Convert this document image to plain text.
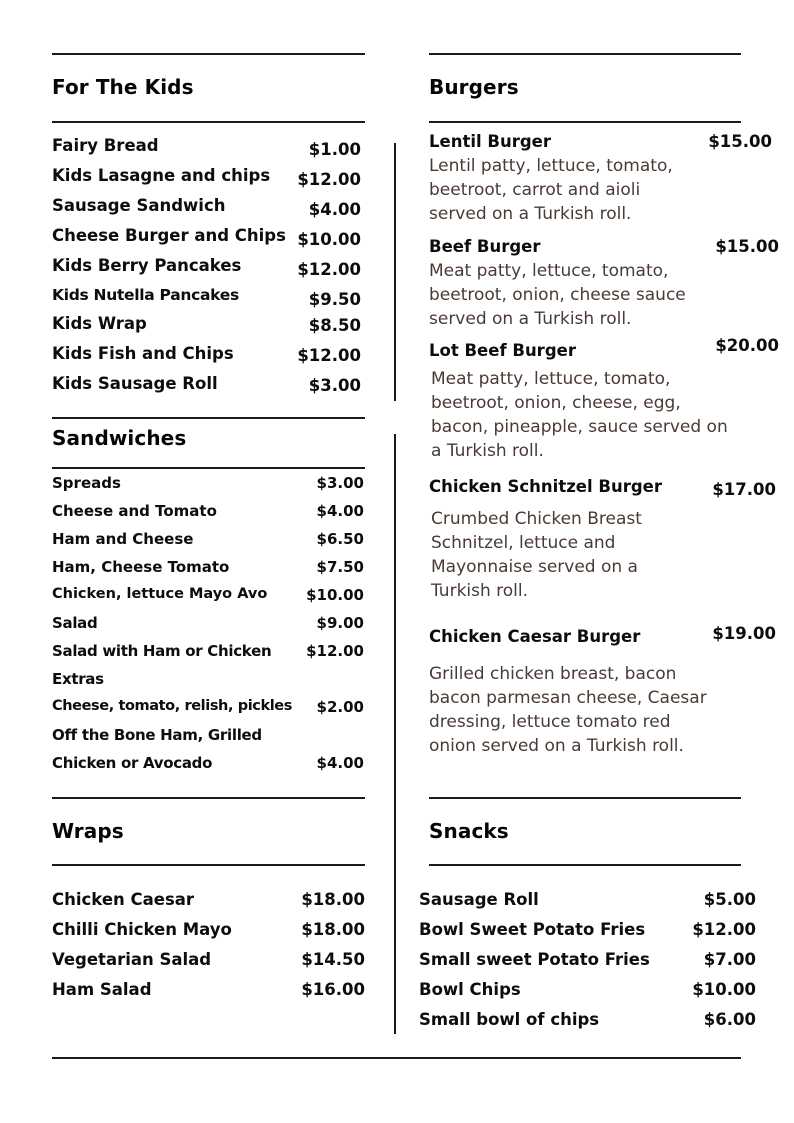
For The Kids
Fairy Bread	$1.00
Kids Lasagne and chips $12.00
Sausage Sandwich	$4.00
Cheese Burger and Chips $10.00
Kids Berry Pancakes	$12.00
Kids Nutella Pancakes	$9.50
Kids Wrap	$8.50
Kids Fish and Chips	$12.00
Kids Sausage Roll	$3.00
Sandwiches
Spreads	$3.00
Cheese and Tomato	$4.00
Ham and Cheese	$6.50
Ham, Cheese Tomato	$7.50
Chicken, lettuce Mayo Avo	$10.00
Salad	$9.00
Salad with Ham or Chicken $12.00
Extras
Cheese, tomato, relish, pickles $2.00
Off the Bone Ham, Grilled
Chicken or Avocado	$4.00
Wraps
Chicken Caesar	$18.00
Chilli Chicken Mayo	$18.00
Vegetarian Salad	$14.50
Ham Salad	$16.00
Burgers
Lentil Burger	$15.00
Lentil patty, lettuce, tomato, beetroot, carrot and aioli served on a Turkish roll.
Beef Burger	$15.00
Meat patty, lettuce, tomato, beetroot, onion, cheese sauce served on a Turkish roll.
Lot Beef Burger	$20.00
Meat patty, lettuce, tomato, beetroot, onion, cheese, egg, bacon, pineapple, sauce served on a Turkish roll.
Chicken Schnitzel Burger	$17.00
Crumbed Chicken Breast Schnitzel, lettuce and Mayonnaise served on a Turkish roll.
Chicken Caesar Burger	$19.00
Grilled chicken breast, bacon bacon parmesan cheese, Caesar dressing, lettuce tomato red onion served on a Turkish roll.
Snacks
Sausage Roll	$5.00
Bowl Sweet Potato Fries	$12.00
Small sweet Potato Fries	$7.00
Bowl Chips	$10.00
Small bowl of chips	$6.00
